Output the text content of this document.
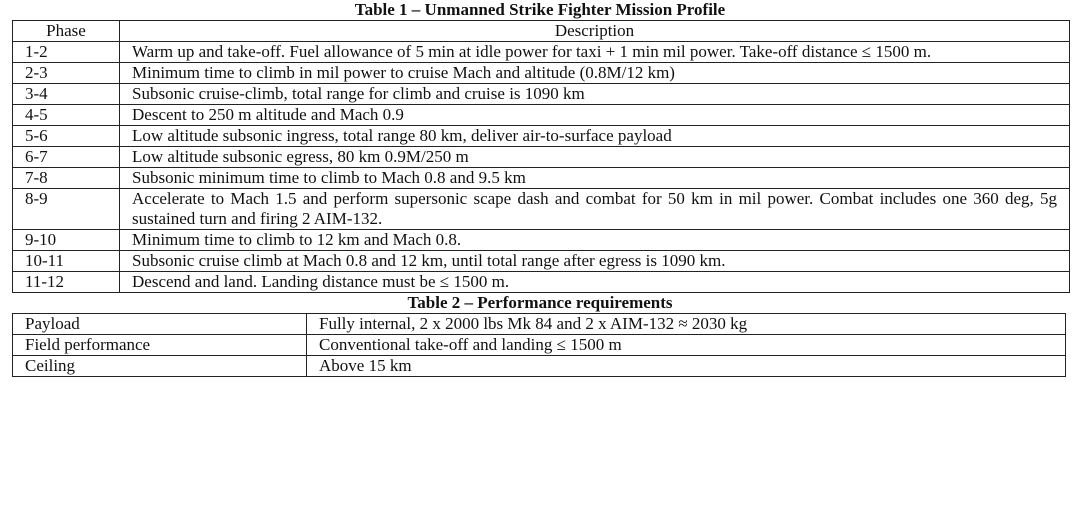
Table 1 – Unmanned Strike Fighter Mission Profile
Phase	Description
1-2	Warm up and take-off. Fuel allowance of 5 min at idle power for taxi + 1 min mil power. Take-off distance ≤ 1500 m.
2-3	Minimum time to climb in mil power to cruise Mach and altitude (0.8M/12 km)
3-4	Subsonic cruise-climb, total range for climb and cruise is 1090 km
4-5	Descent to 250 m altitude and Mach 0.9
5-6	Low altitude subsonic ingress, total range 80 km, deliver air-to-surface payload
6-7	Low altitude subsonic egress, 80 km 0.9M/250 m
7-8	Subsonic minimum time to climb to Mach 0.8 and 9.5 km
8-9	Accelerate to Mach 1.5 and perform supersonic scape dash and combat for 50 km in mil power. Combat includes one 360 deg, 5g sustained turn and firing 2 AIM-132.
9-10	Minimum time to climb to 12 km and Mach 0.8.
10-11	Subsonic cruise climb at Mach 0.8 and 12 km, until total range after egress is 1090 km.
11-12	Descend and land. Landing distance must be ≤ 1500 m.
Table 2 – Performance requirements
Payload	Fully internal, 2 x 2000 lbs Mk 84 and 2 x AIM-132 ≈ 2030 kg
Field performance	Conventional take-off and landing ≤ 1500 m
Ceiling	Above 15 km
